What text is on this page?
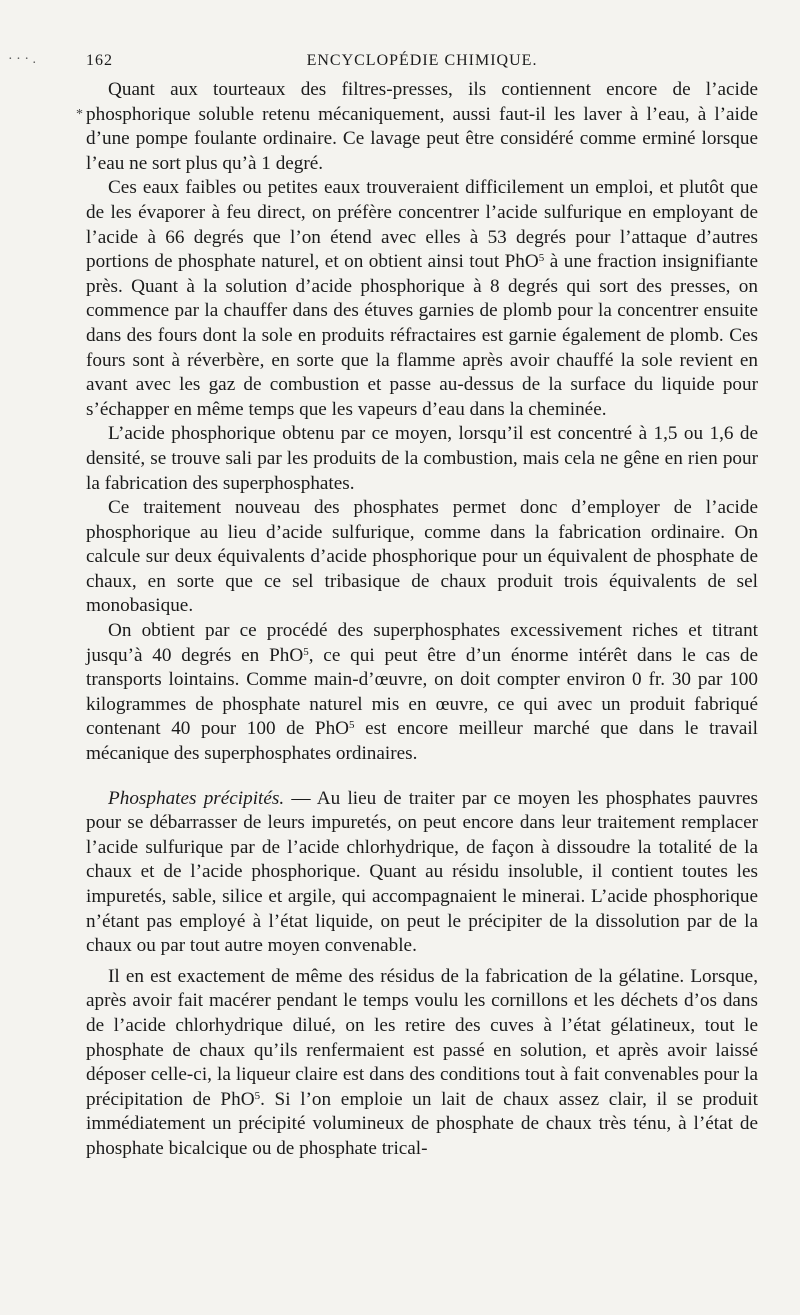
· · · .
*
162	ENCYCLOPÉDIE CHIMIQUE.

Quant aux tourteaux des filtres-presses, ils contiennent encore de l’acide phosphorique soluble retenu mécaniquement, aussi faut-il les laver à l’eau, à l’aide d’une pompe foulante ordinaire. Ce lavage peut être considéré comme erminé lorsque l’eau ne sort plus qu’à 1 degré.

Ces eaux faibles ou petites eaux trouveraient difficilement un emploi, et plutôt que de les évaporer à feu direct, on préfère concentrer l’acide sulfurique en employant de l’acide à 66 degrés que l’on étend avec elles à 53 degrés pour l’attaque d’autres portions de phosphate naturel, et on obtient ainsi tout PhO$^5$ à une fraction insignifiante près. Quant à la solution d’acide phosphorique à 8 degrés qui sort des presses, on commence par la chauffer dans des étuves garnies de plomb pour la concentrer ensuite dans des fours dont la sole en produits réfractaires est garnie également de plomb. Ces fours sont à réverbère, en sorte que la flamme après avoir chauffé la sole revient en avant avec les gaz de combustion et passe au-dessus de la surface du liquide pour s’échapper en même temps que les vapeurs d’eau dans la cheminée.

L’acide phosphorique obtenu par ce moyen, lorsqu’il est concentré à 1,5 ou 1,6 de densité, se trouve sali par les produits de la combustion, mais cela ne gêne en rien pour la fabrication des superphosphates.

Ce traitement nouveau des phosphates permet donc d’employer de l’acide phosphorique au lieu d’acide sulfurique, comme dans la fabrication ordinaire. On calcule sur deux équivalents d’acide phosphorique pour un équivalent de phosphate de chaux, en sorte que ce sel tribasique de chaux produit trois équivalents de sel monobasique.

On obtient par ce procédé des superphosphates excessivement riches et titrant jusqu’à 40 degrés en PhO$^5$, ce qui peut être d’un énorme intérêt dans le cas de transports lointains. Comme main-d’œuvre, on doit compter environ 0 fr. 30 par 100 kilogrammes de phosphate naturel mis en œuvre, ce qui avec un produit fabriqué contenant 40 pour 100 de PhO$^5$ est encore meilleur marché que dans le travail mécanique des superphosphates ordinaires.

Phosphates précipités. — Au lieu de traiter par ce moyen les phosphates pauvres pour se débarrasser de leurs impuretés, on peut encore dans leur traitement remplacer l’acide sulfurique par de l’acide chlorhydrique, de façon à dissoudre la totalité de la chaux et de l’acide phosphorique. Quant au résidu insoluble, il contient toutes les impuretés, sable, silice et argile, qui accompagnaient le minerai. L’acide phosphorique n’étant pas employé à l’état liquide, on peut le précipiter de la dissolution par de la chaux ou par tout autre moyen convenable.

Il en est exactement de même des résidus de la fabrication de la gélatine. Lorsque, après avoir fait macérer pendant le temps voulu les cornillons et les déchets d’os dans de l’acide chlorhydrique dilué, on les retire des cuves à l’état gélatineux, tout le phosphate de chaux qu’ils renfermaient est passé en solution, et après avoir laissé déposer celle-ci, la liqueur claire est dans des conditions tout à fait convenables pour la précipitation de PhO$^5$. Si l’on emploie un lait de chaux assez clair, il se produit immédiatement un précipité volumineux de phosphate de chaux très ténu, à l’état de phosphate bicalcique ou de phosphate trical-
